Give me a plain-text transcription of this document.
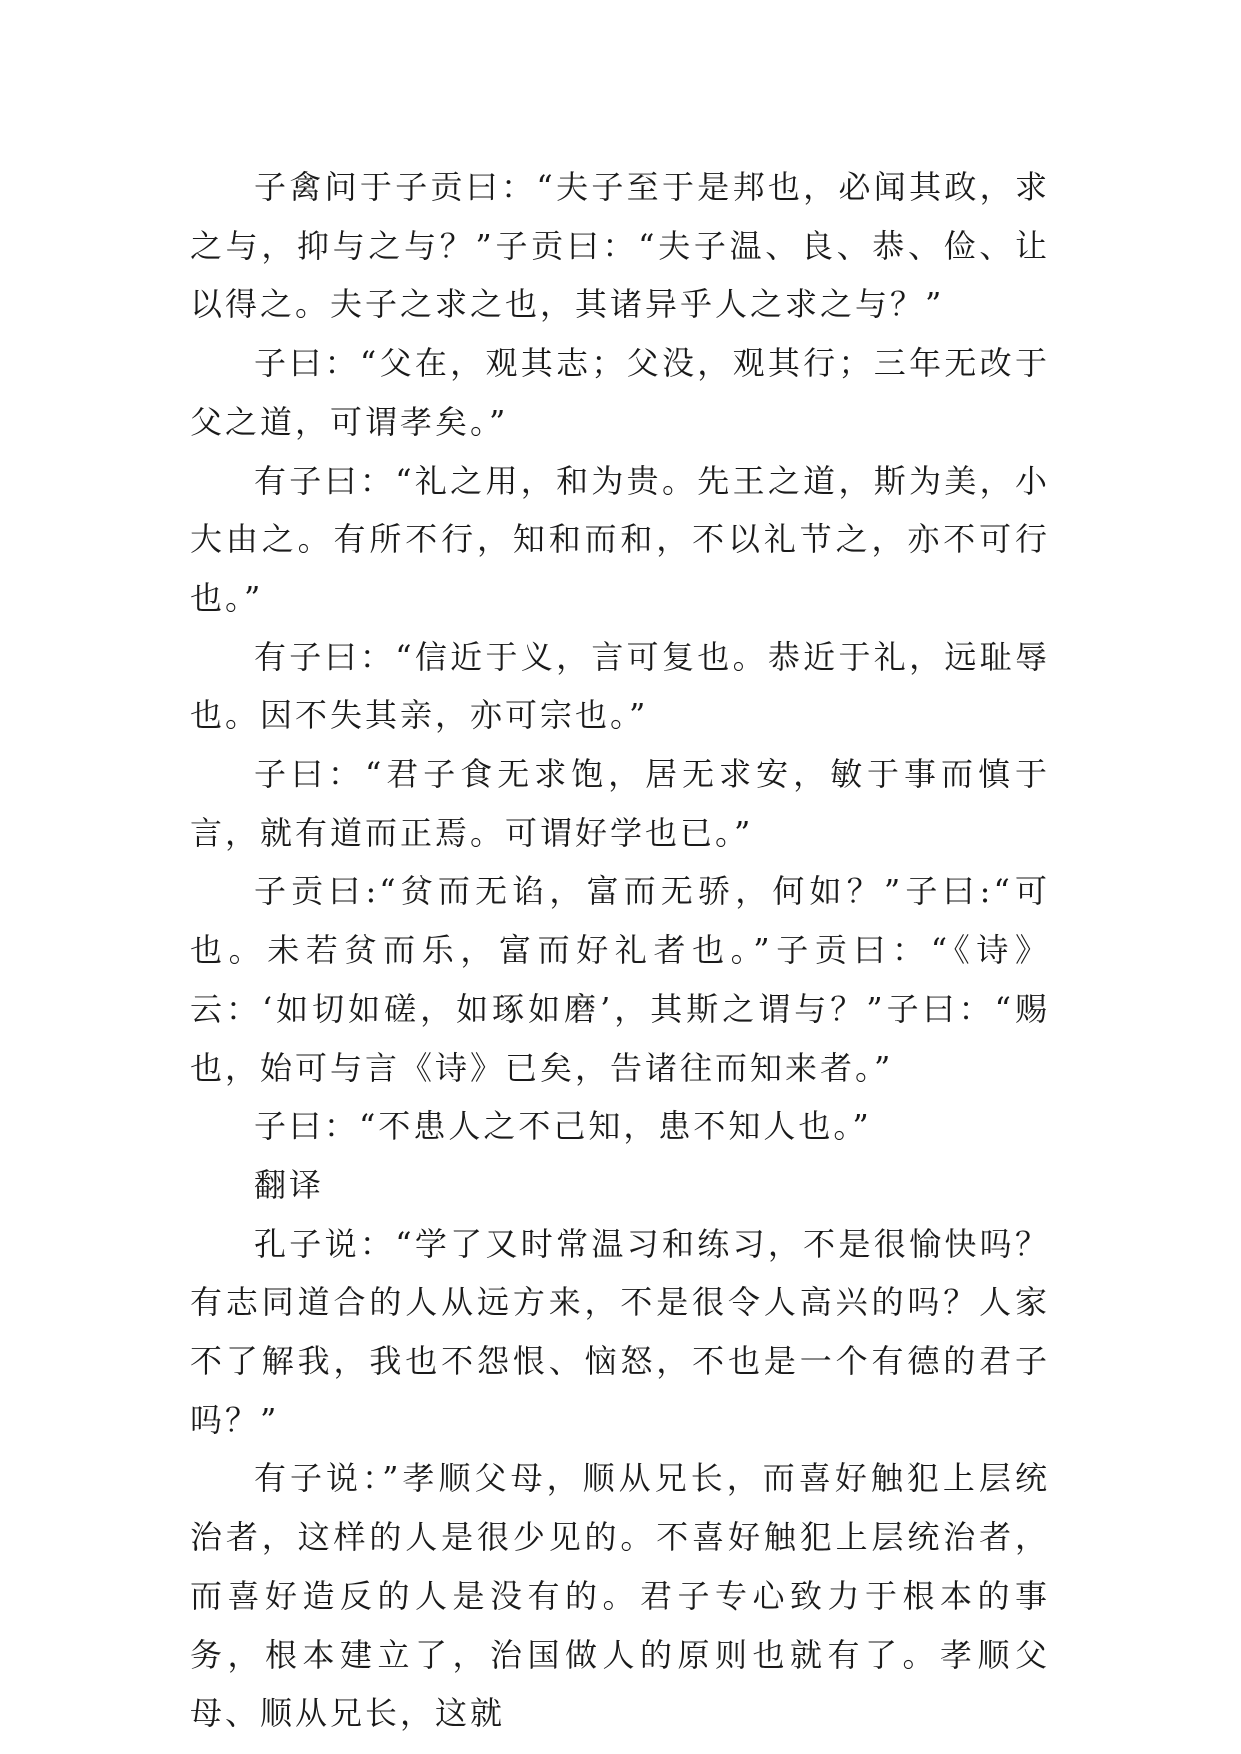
子禽问于子贡曰：“夫子至于是邦也，必闻其政，求之与，抑与之与？”子贡曰：“夫子温、良、恭、俭、让以得之。夫子之求之也，其诸异乎人之求之与？”

子曰：“父在，观其志；父没，观其行；三年无改于父之道，可谓孝矣。”

有子曰：“礼之用，和为贵。先王之道，斯为美，小大由之。有所不行，知和而和，不以礼节之，亦不可行也。”

有子曰：“信近于义，言可复也。恭近于礼，远耻辱也。因不失其亲，亦可宗也。”

子曰：“君子食无求饱，居无求安，敏于事而慎于言，就有道而正焉。可谓好学也已。”

子贡曰:“贫而无谄，富而无骄，何如？”子曰:“可也。未若贫而乐，富而好礼者也。”子贡曰：“《诗》云：‘如切如磋，如琢如磨’，其斯之谓与？”子曰：“赐也，始可与言《诗》已矣，告诸往而知来者。”

子曰：“不患人之不己知，患不知人也。”

翻译

孔子说：“学了又时常温习和练习，不是很愉快吗？有志同道合的人从远方来，不是很令人高兴的吗？人家不了解我，我也不怨恨、恼怒，不也是一个有德的君子吗？”

有子说：”孝顺父母，顺从兄长，而喜好触犯上层统治者，这样的人是很少见的。不喜好触犯上层统治者，而喜好造反的人是没有的。君子专心致力于根本的事务，根本建立了，治国做人的原则也就有了。孝顺父母、顺从兄长，这就
